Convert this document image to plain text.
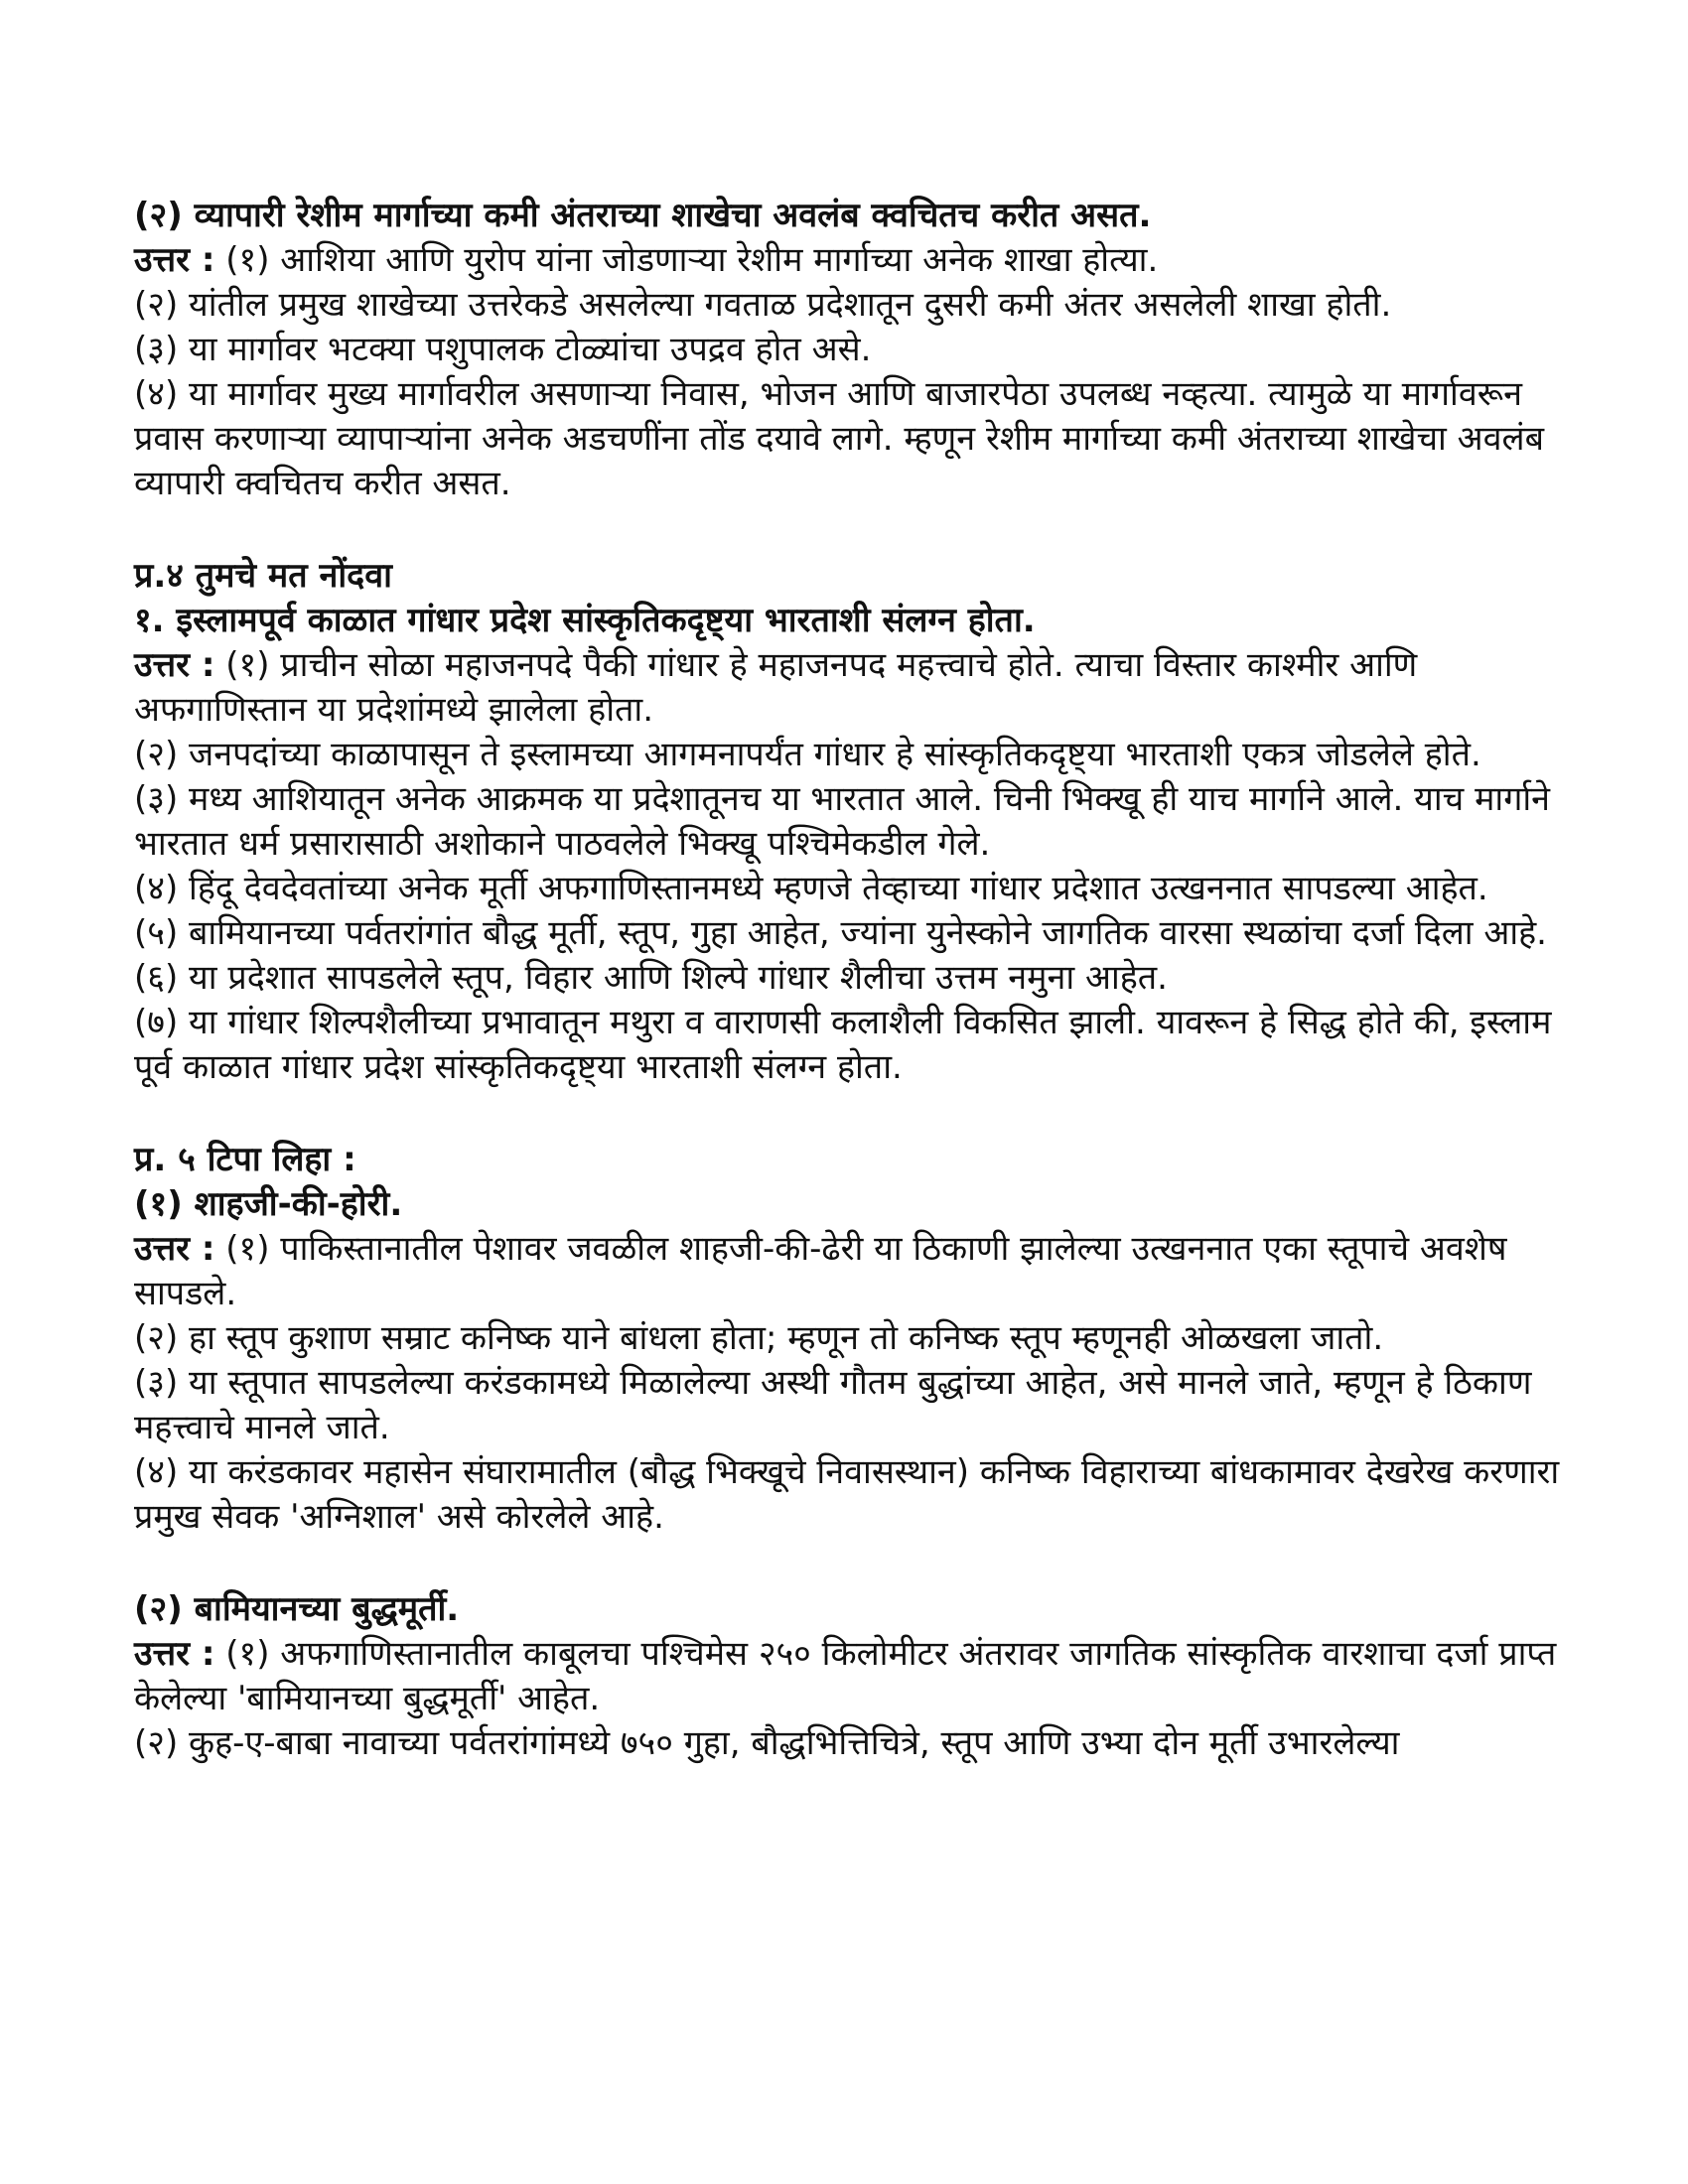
(२) व्यापारी रेशीम मार्गाच्या कमी अंतराच्या शाखेचा अवलंब क्वचितच करीत असत.
उत्तर : (१) आशिया आणि युरोप यांना जोडणाऱ्या रेशीम मार्गाच्या अनेक शाखा होत्या.
(२) यांतील प्रमुख शाखेच्या उत्तरेकडे असलेल्या गवताळ प्रदेशातून दुसरी कमी अंतर असलेली शाखा होती.
(३) या मार्गावर भटक्या पशुपालक टोळ्यांचा उपद्रव होत असे.
(४) या मार्गावर मुख्य मार्गावरील असणाऱ्या निवास, भोजन आणि बाजारपेठा उपलब्ध नव्हत्या. त्यामुळे या मार्गावरून प्रवास करणाऱ्या व्यापाऱ्यांना अनेक अडचणींना तोंड दयावे लागे. म्हणून रेशीम मार्गाच्या कमी अंतराच्या शाखेचा अवलंब व्यापारी क्वचितच करीत असत.
प्र.४ तुमचे मत नोंदवा
१. इस्लामपूर्व काळात गांधार प्रदेश सांस्कृतिकदृष्ट्या भारताशी संलग्न होता.
उत्तर : (१) प्राचीन सोळा महाजनपदे पैकी गांधार हे महाजनपद महत्त्वाचे होते. त्याचा विस्तार काश्मीर आणि अफगाणिस्तान या प्रदेशांमध्ये झालेला होता.
(२) जनपदांच्या काळापासून ते इस्लामच्या आगमनापर्यंत गांधार हे सांस्कृतिकदृष्ट्या भारताशी एकत्र जोडलेले होते.
(३) मध्य आशियातून अनेक आक्रमक या प्रदेशातूनच या भारतात आले. चिनी भिक्खू ही याच मार्गाने आले. याच मार्गाने भारतात धर्म प्रसारासाठी अशोकाने पाठवलेले भिक्खू पश्चिमेकडील गेले.
(४) हिंदू देवदेवतांच्या अनेक मूर्ती अफगाणिस्तानमध्ये म्हणजे तेव्हाच्या गांधार प्रदेशात उत्खननात सापडल्या आहेत.
(५) बामियानच्या पर्वतरांगांत बौद्ध मूर्ती, स्तूप, गुहा आहेत, ज्यांना युनेस्कोने जागतिक वारसा स्थळांचा दर्जा दिला आहे.
(६) या प्रदेशात सापडलेले स्तूप, विहार आणि शिल्पे गांधार शैलीचा उत्तम नमुना आहेत.
(७) या गांधार शिल्पशैलीच्या प्रभावातून मथुरा व वाराणसी कलाशैली विकसित झाली. यावरून हे सिद्ध होते की, इस्लाम पूर्व काळात गांधार प्रदेश सांस्कृतिकदृष्ट्या भारताशी संलग्न होता.
प्र. ५ टिपा लिहा :
(१) शाहजी-की-होरी.
उत्तर : (१) पाकिस्तानातील पेशावर जवळील शाहजी-की-ढेरी या ठिकाणी झालेल्या उत्खननात एका स्तूपाचे अवशेष सापडले.
(२) हा स्तूप कुशाण सम्राट कनिष्क याने बांधला होता; म्हणून तो कनिष्क स्तूप म्हणूनही ओळखला जातो.
(३) या स्तूपात सापडलेल्या करंडकामध्ये मिळालेल्या अस्थी गौतम बुद्धांच्या आहेत, असे मानले जाते, म्हणून हे ठिकाण
महत्त्वाचे मानले जाते.
(४) या करंडकावर महासेन संघारामातील (बौद्ध भिक्खूचे निवासस्थान) कनिष्क विहाराच्या बांधकामावर देखरेख करणारा प्रमुख सेवक 'अग्निशाल' असे कोरलेले आहे.
(२) बामियानच्या बुद्धमूर्ती.
उत्तर : (१) अफगाणिस्तानातील काबूलचा पश्चिमेस २५० किलोमीटर अंतरावर जागतिक सांस्कृतिक वारशाचा दर्जा प्राप्त केलेल्या 'बामियानच्या बुद्धमूर्ती' आहेत.
(२) कुह-ए-बाबा नावाच्या पर्वतरांगांमध्ये ७५० गुहा, बौद्धभित्तिचित्रे, स्तूप आणि उभ्या दोन मूर्ती उभारलेल्या
